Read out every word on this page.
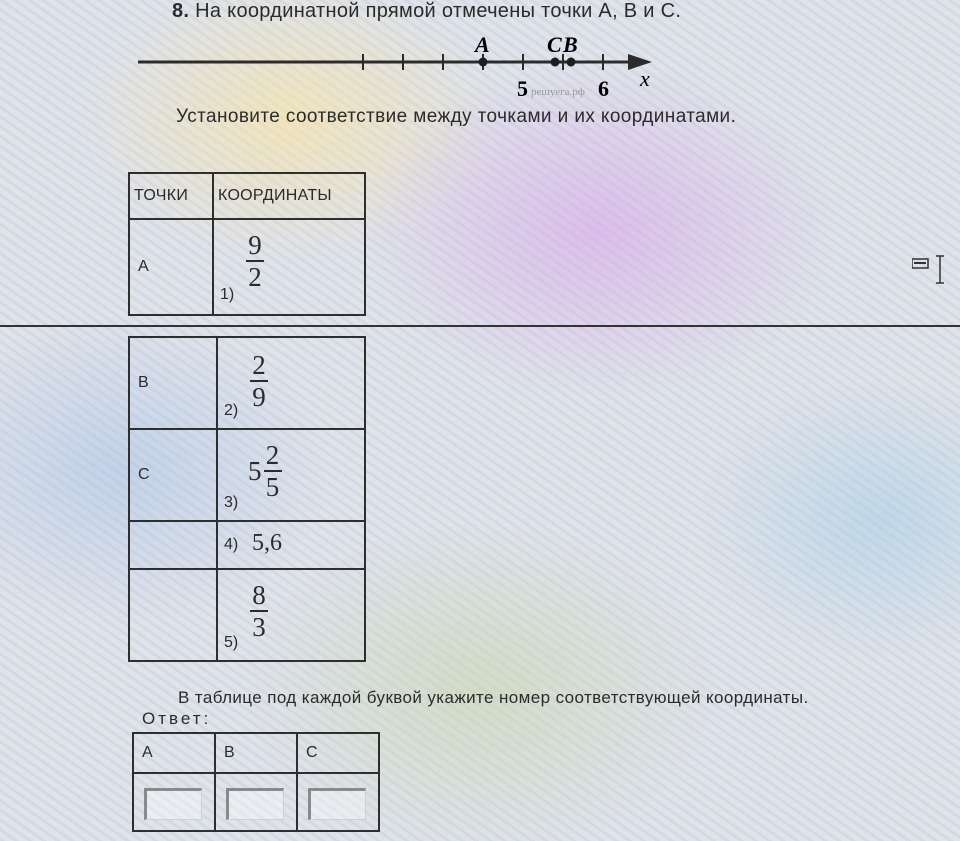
8. На координатной прямой отмечены точки А, В и С.
A	B
C
5	6
решуега.рф
x
Установите соответствие между точками и их координатами.
ТОЧКИ	КООРДИНАТЫ
А	1)
9
2
В	2)
2
9

С	3)
$5 \frac{2}{5}$

	4) 5,6

	5)
8
3
В таблице под каждой буквой укажите номер соответствующей координаты.
Ответ:
А	В	С
